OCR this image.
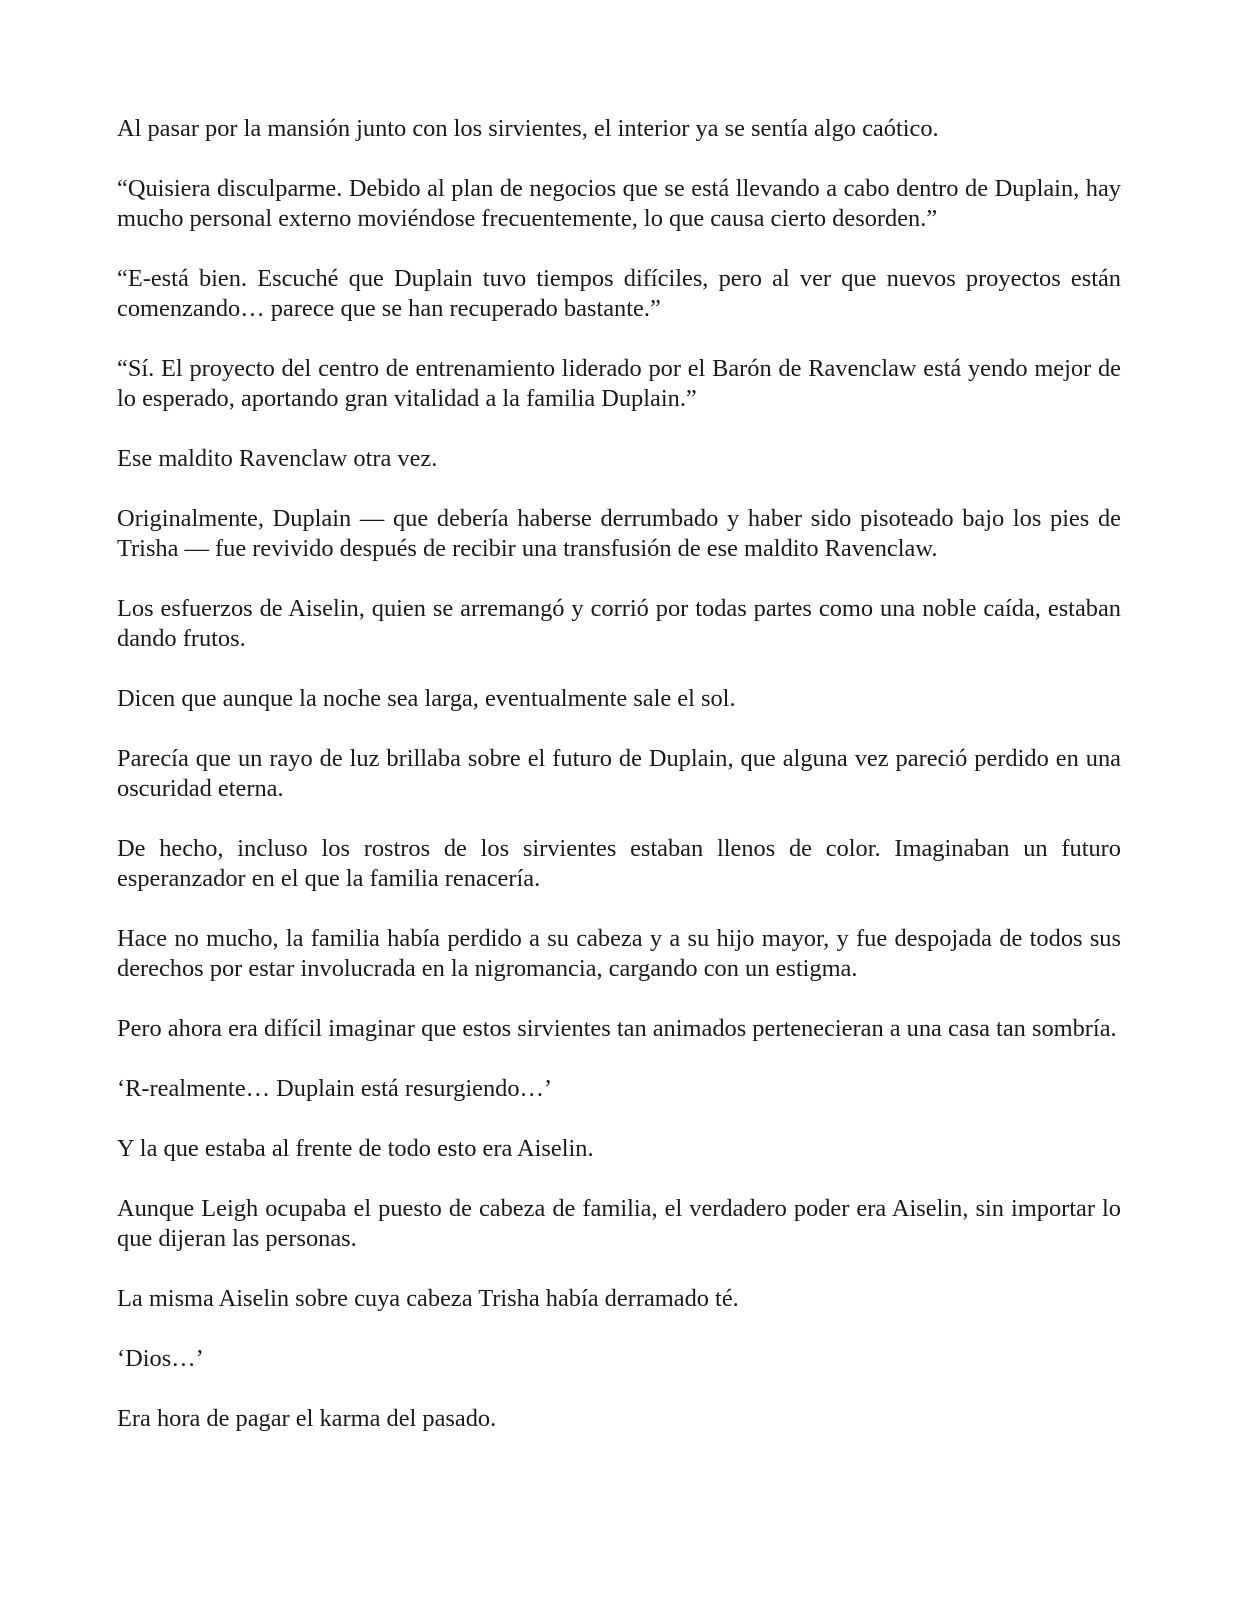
Al pasar por la mansión junto con los sirvientes, el interior ya se sentía algo caótico.

“Quisiera disculparme. Debido al plan de negocios que se está llevando a cabo dentro de Duplain, hay mucho personal externo moviéndose frecuentemente, lo que causa cierto desorden.”

“E-está bien. Escuché que Duplain tuvo tiempos difíciles, pero al ver que nuevos proyectos están comenzando… parece que se han recuperado bastante.”

“Sí. El proyecto del centro de entrenamiento liderado por el Barón de Ravenclaw está yendo mejor de lo esperado, aportando gran vitalidad a la familia Duplain.”

Ese maldito Ravenclaw otra vez.

Originalmente, Duplain — que debería haberse derrumbado y haber sido pisoteado bajo los pies de Trisha — fue revivido después de recibir una transfusión de ese maldito Ravenclaw.

Los esfuerzos de Aiselin, quien se arremangó y corrió por todas partes como una noble caída, estaban dando frutos.

Dicen que aunque la noche sea larga, eventualmente sale el sol.

Parecía que un rayo de luz brillaba sobre el futuro de Duplain, que alguna vez pareció perdido en una oscuridad eterna.

De hecho, incluso los rostros de los sirvientes estaban llenos de color. Imaginaban un futuro esperanzador en el que la familia renacería.

Hace no mucho, la familia había perdido a su cabeza y a su hijo mayor, y fue despojada de todos sus derechos por estar involucrada en la nigromancia, cargando con un estigma.

Pero ahora era difícil imaginar que estos sirvientes tan animados pertenecieran a una casa tan sombría.

‘R-realmente… Duplain está resurgiendo…’

Y la que estaba al frente de todo esto era Aiselin.

Aunque Leigh ocupaba el puesto de cabeza de familia, el verdadero poder era Aiselin, sin importar lo que dijeran las personas.

La misma Aiselin sobre cuya cabeza Trisha había derramado té.

‘Dios…’

Era hora de pagar el karma del pasado.
